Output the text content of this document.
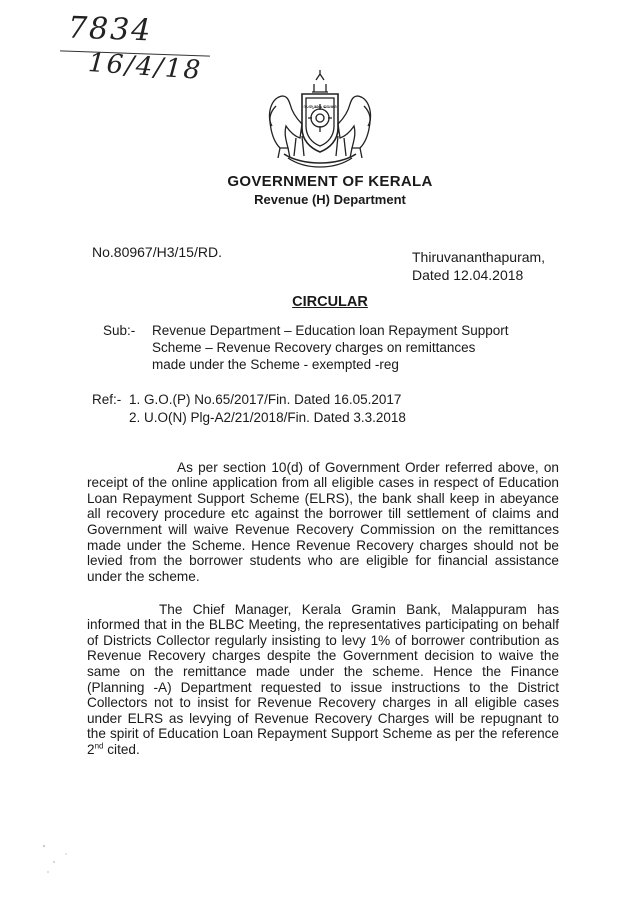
7834
16/4/18
സത്യമേവ ജയതേ
GOVERNMENT OF KERALA
Revenue (H) Department
No.80967/H3/15/RD.	Thiruvananthapuram,
Dated 12.04.2018
CIRCULAR
Sub:- Revenue Department – Education loan Repayment Support
Scheme – Revenue Recovery charges on remittances
made under the Scheme - exempted -reg
Ref:- 1. G.O.(P) No.65/2017/Fin. Dated 16.05.2017
2. U.O(N) Plg-A2/21/2018/Fin. Dated 3.3.2018

As per section 10(d) of Government Order referred above, on receipt of the online application from all eligible cases in respect of Education Loan Repayment Support Scheme (ELRS), the bank shall keep in abeyance all recovery procedure etc against the borrower till settlement of claims and Government will waive Revenue Recovery Commission on the remittances made under the Scheme. Hence Revenue Recovery charges should not be levied from the borrower students who are eligible for financial assistance under the scheme.

The Chief Manager, Kerala Gramin Bank, Malappuram has informed that in the BLBC Meeting, the representatives participating on behalf of Districts Collector regularly insisting to levy 1% of borrower contribution as Revenue Recovery charges despite the Government decision to waive the same on the remittance made under the scheme. Hence the Finance (Planning -A) Department requested to issue instructions to the District Collectors not to insist for Revenue Recovery charges in all eligible cases under ELRS as levying of Revenue Recovery Charges will be repugnant to the spirit of Education Loan Repayment Support Scheme as per the reference 2nd cited.
